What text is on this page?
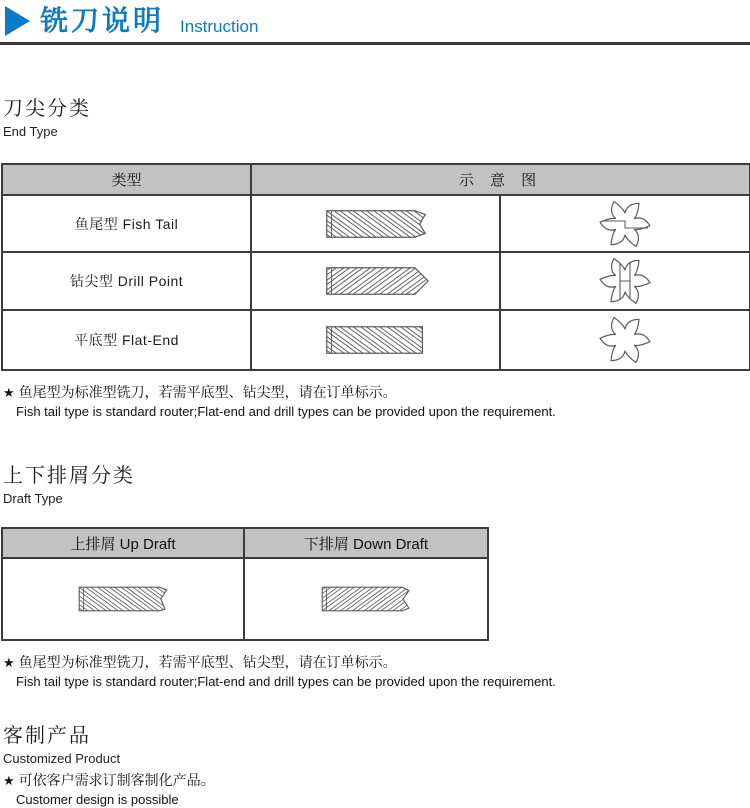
铣刀说明 Instruction
刀尖分类
End Type
类型	示 意 图
鱼尾型 Fish Tail
钻尖型 Drill Point
平底型 Flat-End
★ 鱼尾型为标准型铣刀，若需平底型、钻尖型，请在订单标示。
Fish tail type is standard router;Flat-end and drill types can be provided upon the requirement.
上下排屑分类
Draft Type
上排屑 Up Draft	下排屑 Down Draft
★ 鱼尾型为标准型铣刀，若需平底型、钻尖型，请在订单标示。
Fish tail type is standard router;Flat-end and drill types can be provided upon the requirement.
客制产品
Customized Product
★ 可依客户需求订制客制化产品。
Customer design is possible
